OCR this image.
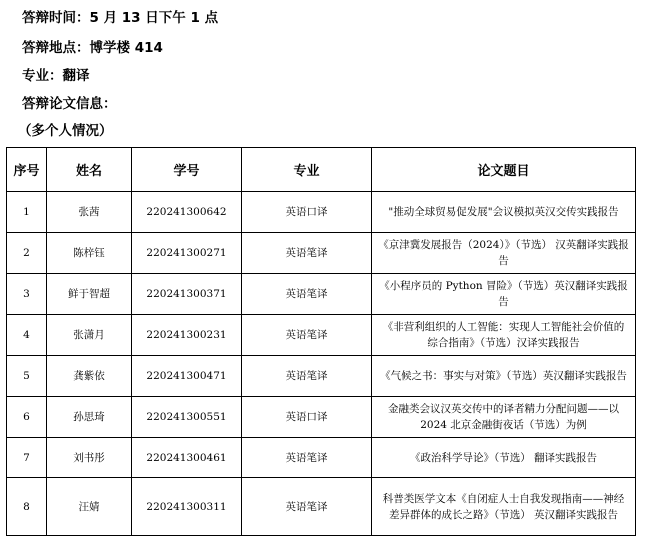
答辩时间：5 月 13 日下午 1 点
答辩地点：博学楼 414
专业：翻译
答辩论文信息：
（多个人情况）
序号	姓名	学号	专业	论文题目
1	张茜	220241300642	英语口译	"推动全球贸易促发展"会议模拟英汉交传实践报告
2	陈梓钰	220241300271	英语笔译	《京津冀发展报告（2024）》（节选） 汉英翻译实践报告
3	鲜于智超	220241300371	英语笔译	《小程序员的 Python 冒险》（节选）英汉翻译实践报告
4	张潇月	220241300231	英语笔译	《非营利组织的人工智能：实现人工智能社会价值的综合指南》（节选）汉译实践报告
5	龚紫依	220241300471	英语笔译	《气候之书：事实与对策》（节选）英汉翻译实践报告
6	孙思琦	220241300551	英语口译	金融类会议汉英交传中的译者精力分配问题——以 2024 北京金融街夜话（节选）为例
7	刘书彤	220241300461	英语笔译	《政治科学导论》（节选） 翻译实践报告
8	汪婧	220241300311	英语笔译	科普类医学文本《自闭症人士自我发现指南——神经差异群体的成长之路》（节选） 英汉翻译实践报告
